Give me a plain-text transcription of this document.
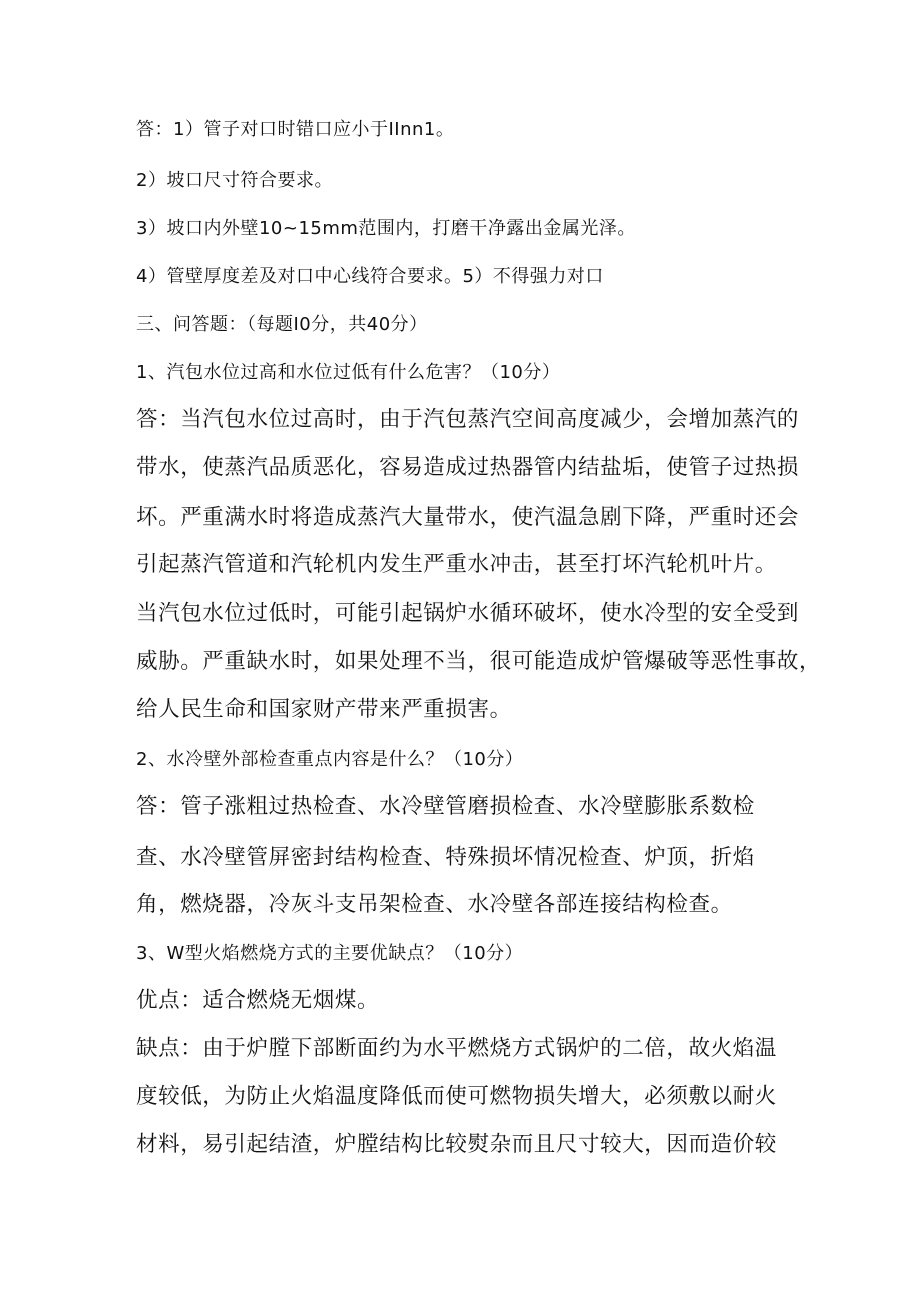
答：1）管子对口时错口应小于IInn1。
2）坡口尺寸符合要求。
3）坡口内外壁10~15mm范围内，打磨干净露出金属光泽。
4）管壁厚度差及对口中心线符合要求。5）不得强力对口
三、问答题：（每题I0分，共40分）
1、汽包水位过高和水位过低有什么危害？（10分）
答：当汽包水位过高时，由于汽包蒸汽空间高度减少，会增加蒸汽的
带水，使蒸汽品质恶化，容易造成过热器管内结盐垢，使管子过热损
坏。严重满水时将造成蒸汽大量带水，使汽温急剧下降，严重时还会
引起蒸汽管道和汽轮机内发生严重水冲击，甚至打坏汽轮机叶片。
当汽包水位过低时，可能引起锅炉水循环破坏，使水冷型的安全受到
威胁。严重缺水时，如果处理不当，很可能造成炉管爆破等恶性事故，
给人民生命和国家财产带来严重损害。
2、水冷壁外部检查重点内容是什么？（10分）
答：管子涨粗过热检查、水冷壁管磨损检查、水冷壁膨胀系数检
查、水冷壁管屏密封结构检查、特殊损坏情况检查、炉顶，折焰
角，燃烧器，冷灰斗支吊架检查、水冷壁各部连接结构检查。
3、W型火焰燃烧方式的主要优缺点？（10分）
优点：适合燃烧无烟煤。
缺点：由于炉膛下部断面约为水平燃烧方式锅炉的二倍，故火焰温
度较低，为防止火焰温度降低而使可燃物损失增大，必须敷以耐火
材料，易引起结渣，炉膛结构比较熨杂而且尺寸较大，因而造价较
